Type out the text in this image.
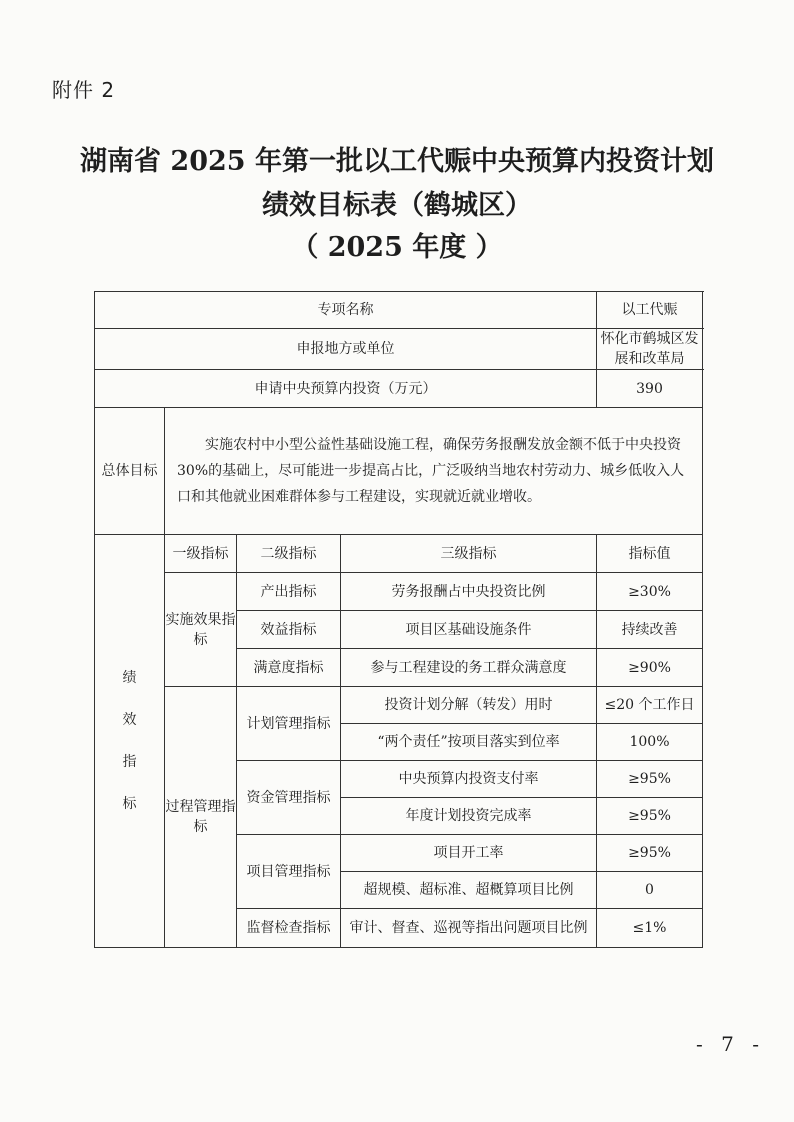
附件 2
湖南省 2025 年第一批以工代赈中央预算内投资计划
绩效目标表（鹤城区）
（ 2025 年度 ）
专项名称				以工代赈
申报地方或单位				怀化市鹤城区发展和改革局
申请中央预算内投资（万元）				390
总体目标	实施农村中小型公益性基础设施工程，确保劳务报酬发放金额不低于中央投资 30%的基础上，尽可能进一步提高占比，广泛吸纳当地农村劳动力、城乡低收入人口和其他就业困难群体参与工程建设，实现就近就业增收。			
绩
效
指
标	一级指标	二级指标	三级指标	指标值
	实施效果指标	产出指标	劳务报酬占中央投资比例	≥30%
		效益指标	项目区基础设施条件	持续改善
		满意度指标	参与工程建设的务工群众满意度	≥90%
	过程管理指标	计划管理指标	投资计划分解（转发）用时	≤20 个工作日
			“两个责任”按项目落实到位率	100%
		资金管理指标	中央预算内投资支付率	≥95%
			年度计划投资完成率	≥95%
		项目管理指标	项目开工率	≥95%
			超规模、超标准、超概算项目比例	0
		监督检查指标	审计、督查、巡视等指出问题项目比例	≤1%
- 7 -
